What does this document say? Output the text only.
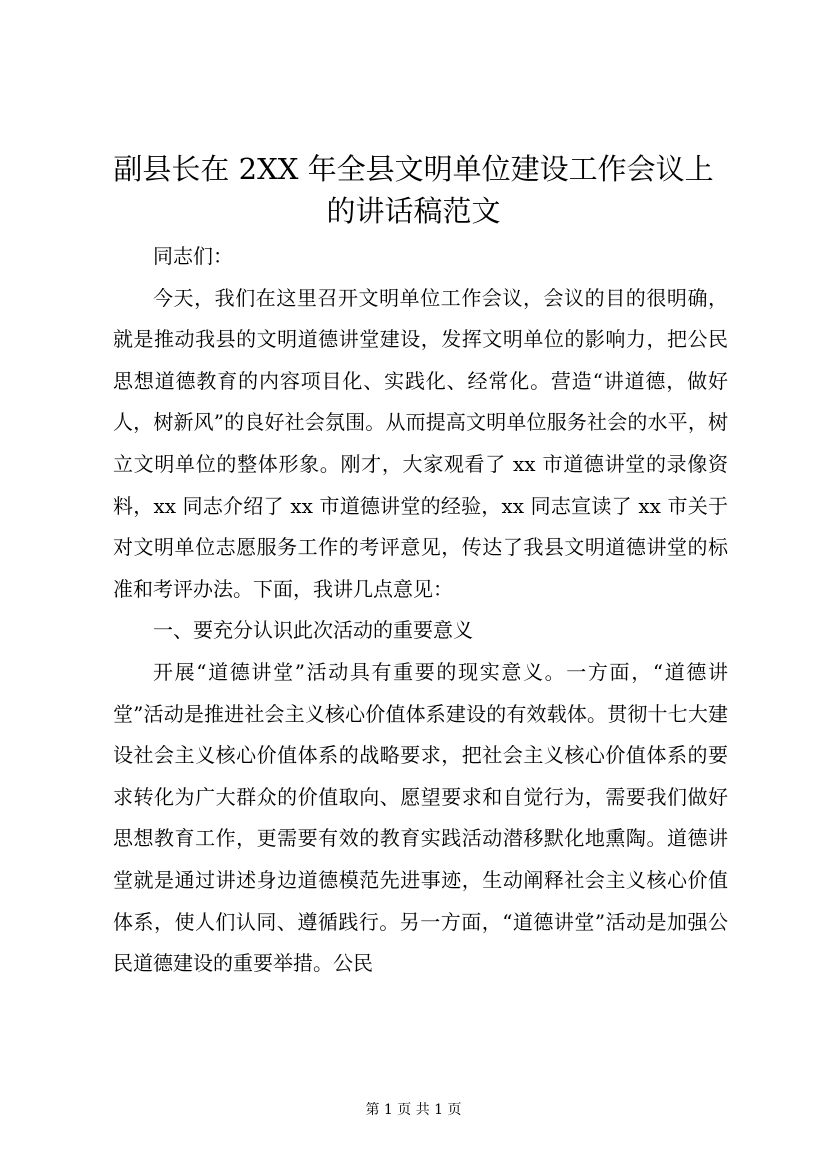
副县长在 2XX 年全县文明单位建设工作会议上
的讲话稿范文

同志们：

今天，我们在这里召开文明单位工作会议，会议的目的很明确，就是推动我县的文明道德讲堂建设，发挥文明单位的影响力，把公民思想道德教育的内容项目化、实践化、经常化。营造“讲道德，做好人，树新风”的良好社会氛围。从而提高文明单位服务社会的水平，树立文明单位的整体形象。刚才，大家观看了 xx 市道德讲堂的录像资料，xx 同志介绍了 xx 市道德讲堂的经验，xx 同志宣读了 xx 市关于对文明单位志愿服务工作的考评意见，传达了我县文明道德讲堂的标准和考评办法。下面，我讲几点意见：

一、要充分认识此次活动的重要意义

开展“道德讲堂”活动具有重要的现实意义。一方面，“道德讲堂”活动是推进社会主义核心价值体系建设的有效载体。贯彻十七大建设社会主义核心价值体系的战略要求，把社会主义核心价值体系的要求转化为广大群众的价值取向、愿望要求和自觉行为，需要我们做好思想教育工作，更需要有效的教育实践活动潜移默化地熏陶。道德讲堂就是通过讲述身边道德模范先进事迹，生动阐释社会主义核心价值体系，使人们认同、遵循践行。另一方面，“道德讲堂”活动是加强公民道德建设的重要举措。公民

第 1 页 共 1 页
